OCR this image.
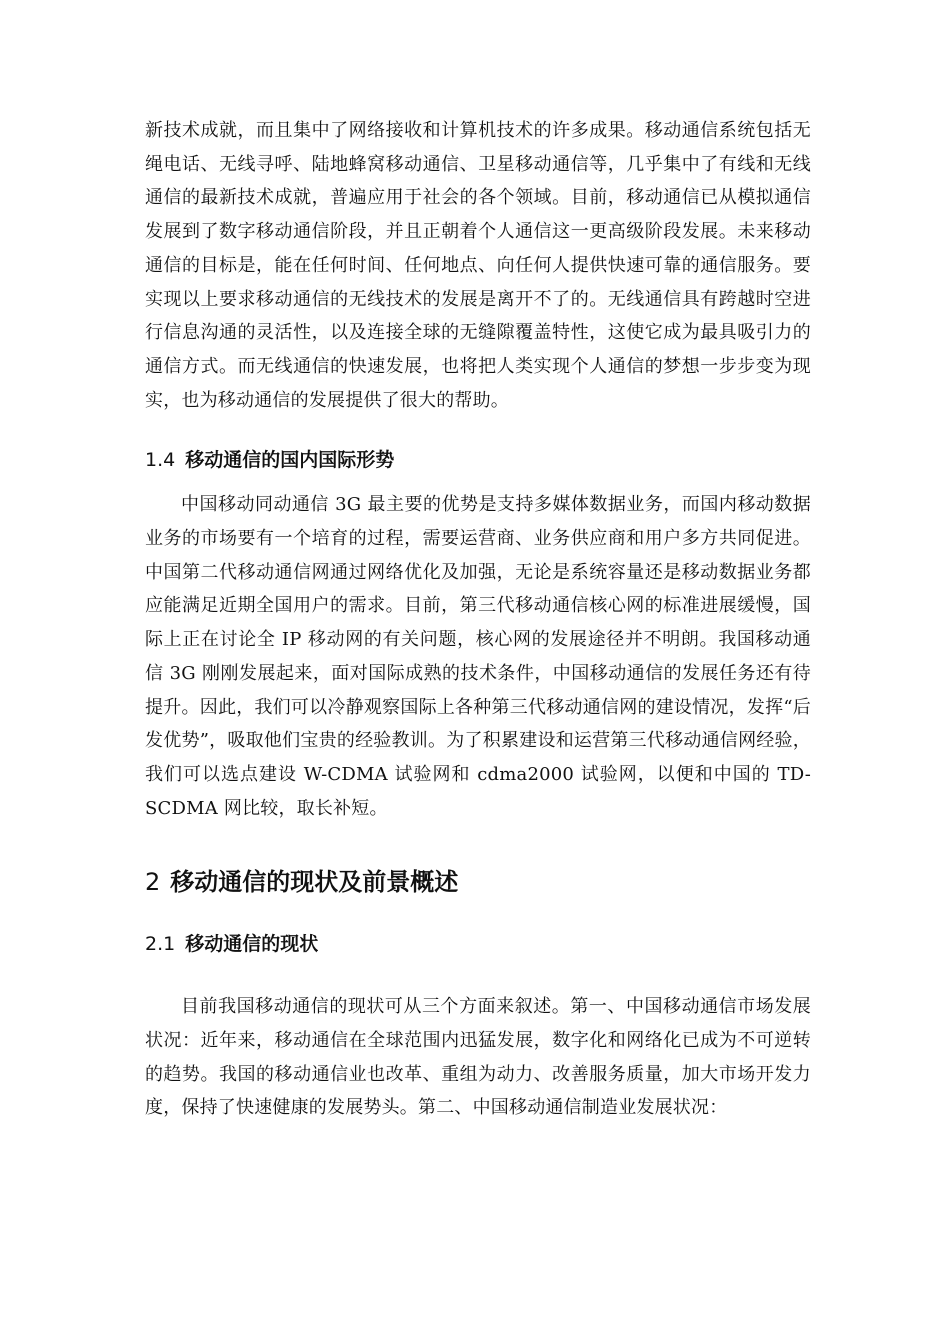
新技术成就，而且集中了网络接收和计算机技术的许多成果。移动通信系统包括无绳电话、无线寻呼、陆地蜂窝移动通信、卫星移动通信等，几乎集中了有线和无线通信的最新技术成就，普遍应用于社会的各个领域。目前，移动通信已从模拟通信发展到了数字移动通信阶段，并且正朝着个人通信这一更高级阶段发展。未来移动通信的目标是，能在任何时间、任何地点、向任何人提供快速可靠的通信服务。要实现以上要求移动通信的无线技术的发展是离开不了的。无线通信具有跨越时空进行信息沟通的灵活性，以及连接全球的无缝隙覆盖特性，这使它成为最具吸引力的通信方式。而无线通信的快速发展，也将把人类实现个人通信的梦想一步步变为现实，也为移动通信的发展提供了很大的帮助。

1.4 移动通信的国内国际形势

中国移动同动通信 3G 最主要的优势是支持多媒体数据业务，而国内移动数据业务的市场要有一个培育的过程，需要运营商、业务供应商和用户多方共同促进。中国第二代移动通信网通过网络优化及加强，无论是系统容量还是移动数据业务都应能满足近期全国用户的需求。目前，第三代移动通信核心网的标准进展缓慢，国际上正在讨论全 IP 移动网的有关问题，核心网的发展途径并不明朗。我国移动通信 3G 刚刚发展起来，面对国际成熟的技术条件，中国移动通信的发展任务还有待提升。因此，我们可以冷静观察国际上各种第三代移动通信网的建设情况，发挥“后发优势”，吸取他们宝贵的经验教训。为了积累建设和运营第三代移动通信网经验，我们可以选点建设 W-CDMA 试验网和 cdma2000 试验网，以便和中国的 TD-SCDMA 网比较，取长补短。

2 移动通信的现状及前景概述
2.1 移动通信的现状

目前我国移动通信的现状可从三个方面来叙述。第一、中国移动通信市场发展状况：近年来，移动通信在全球范围内迅猛发展，数字化和网络化已成为不可逆转的趋势。我国的移动通信业也改革、重组为动力、改善服务质量，加大市场开发力度，保持了快速健康的发展势头。第二、中国移动通信制造业发展状况：
